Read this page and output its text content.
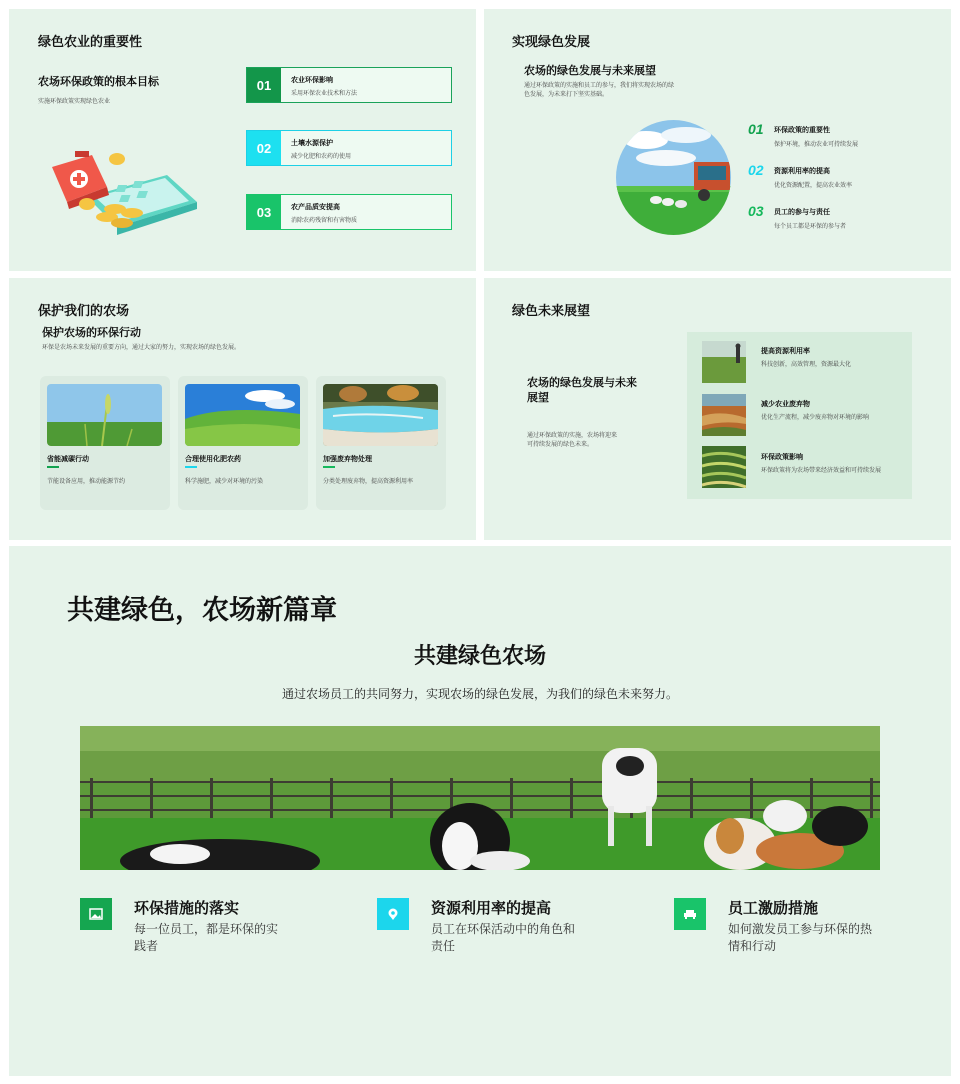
绿色农业的重要性
农场环保政策的根本目标
实施环保政策实现绿色农业
01	农业环保影响
采用环保农业技术和方法
02	土壤水源保护
减少化肥和农药的使用
03	农产品质安提高
消除农药残留和有害物质
实现绿色发展
农场的绿色发展与未来展望
通过环保政策的实施和员工的参与，我们将实现农场的绿色发展，为未来打下坚实基础。
01 环保政策的重要性
保护环境，推动农业可持续发展
02 资源利用率的提高
优化资源配置，提高农业效率
03 员工的参与与责任
每个员工都是环保的参与者
保护我们的农场
保护农场的环保行动
环保是农场未来发展的重要方向，通过大家的努力，实现农场的绿色发展。
省能减碳行动
节能设备应用，推动能源节约
合理使用化肥农药
科学施肥，减少对环境的污染
加强废弃物处理
分类处理废弃物，提高资源利用率
绿色未来展望
农场的绿色发展与未来展望
通过环保政策的实施，农场将迎来可持续发展的绿色未来。
提高资源利用率
科技创新，高效管理，资源最大化
减少农业废弃物
优化生产流程，减少废弃物对环境的影响
环保政策影响
环保政策将为农场带来经济效益和可持续发展
共建绿色，农场新篇章
共建绿色农场
通过农场员工的共同努力，实现农场的绿色发展，为我们的绿色未来努力。
环保措施的落实
每一位员工，都是环保的实践者
资源利用率的提高
员工在环保活动中的角色和责任
员工激励措施
如何激发员工参与环保的热情和行动
